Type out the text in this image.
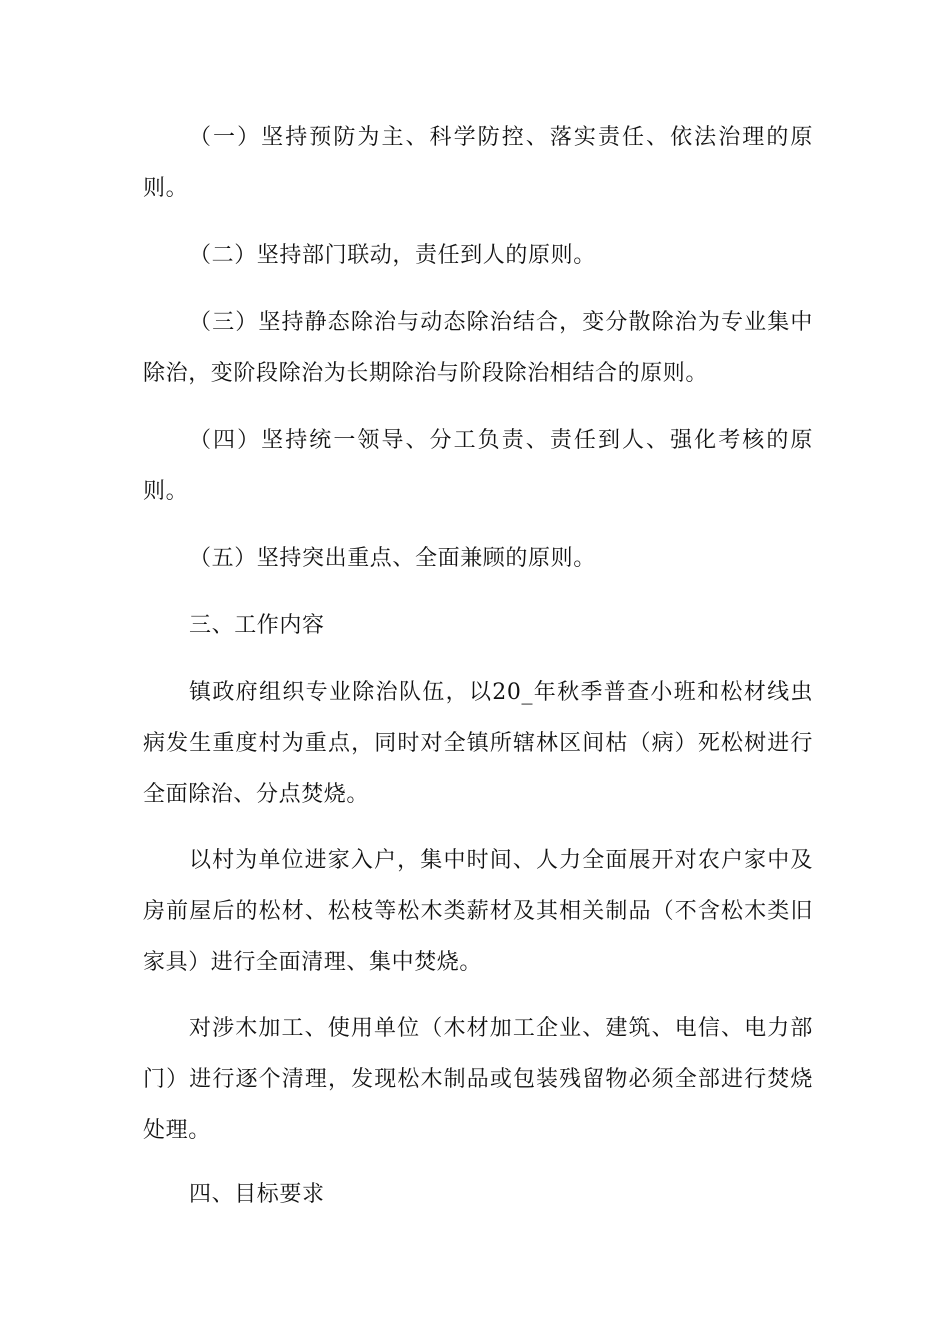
（一）坚持预防为主、科学防控、落实责任、依法治理的原则。

（二）坚持部门联动，责任到人的原则。

（三）坚持静态除治与动态除治结合，变分散除治为专业集中除治，变阶段除治为长期除治与阶段除治相结合的原则。

（四）坚持统一领导、分工负责、责任到人、强化考核的原则。

（五）坚持突出重点、全面兼顾的原则。

三、工作内容

镇政府组织专业除治队伍，以20_年秋季普查小班和松材线虫病发生重度村为重点，同时对全镇所辖林区间枯（病）死松树进行全面除治、分点焚烧。

以村为单位进家入户，集中时间、人力全面展开对农户家中及房前屋后的松材、松枝等松木类薪材及其相关制品（不含松木类旧家具）进行全面清理、集中焚烧。

对涉木加工、使用单位（木材加工企业、建筑、电信、电力部门）进行逐个清理，发现松木制品或包装残留物必须全部进行焚烧处理。

四、目标要求
